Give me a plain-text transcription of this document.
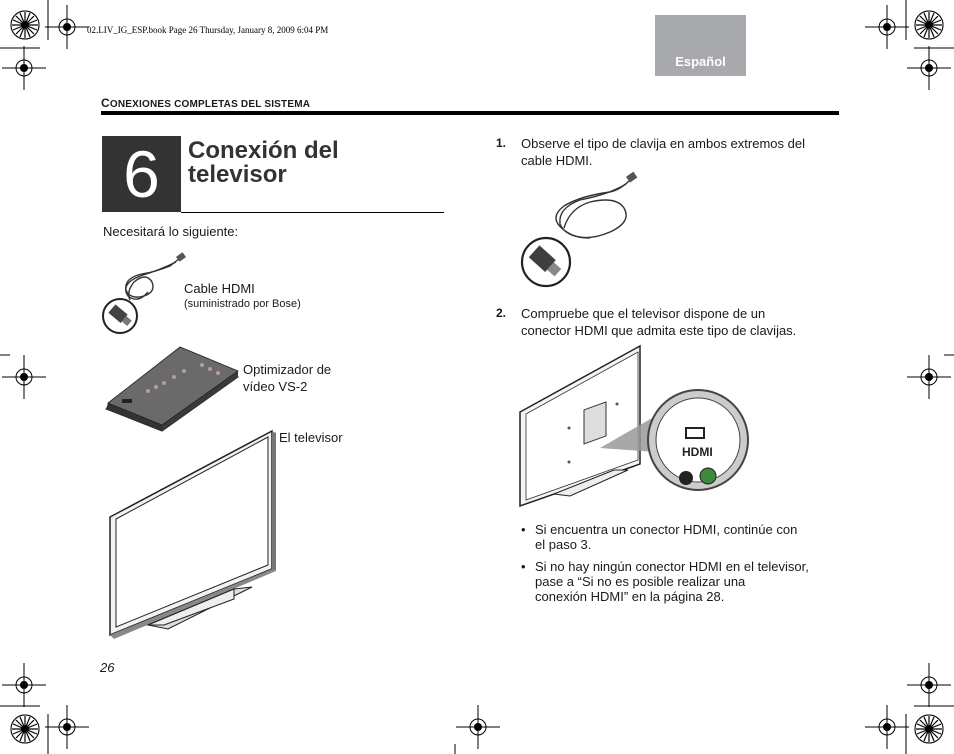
02.LIV_IG_ESP.book Page 26 Thursday, January 8, 2009 6:04 PM
Español
CONEXIONES COMPLETAS DEL SISTEMA
6	Conexión del
televisor
Necesitará lo siguiente:
Cable HDMI
(suministrado por Bose)
Optimizador de
vídeo VS-2
El televisor
1. Observe el tipo de clavija en ambos extremos del
cable HDMI.
2. Compruebe que el televisor dispone de un
conector HDMI que admita este tipo de clavijas.
HDMI
• Si encuentra un conector HDMI, continúe con
el paso 3.
• Si no hay ningún conector HDMI en el televisor,
pase a “Si no es posible realizar una
conexión HDMI” en la página 28.
26
